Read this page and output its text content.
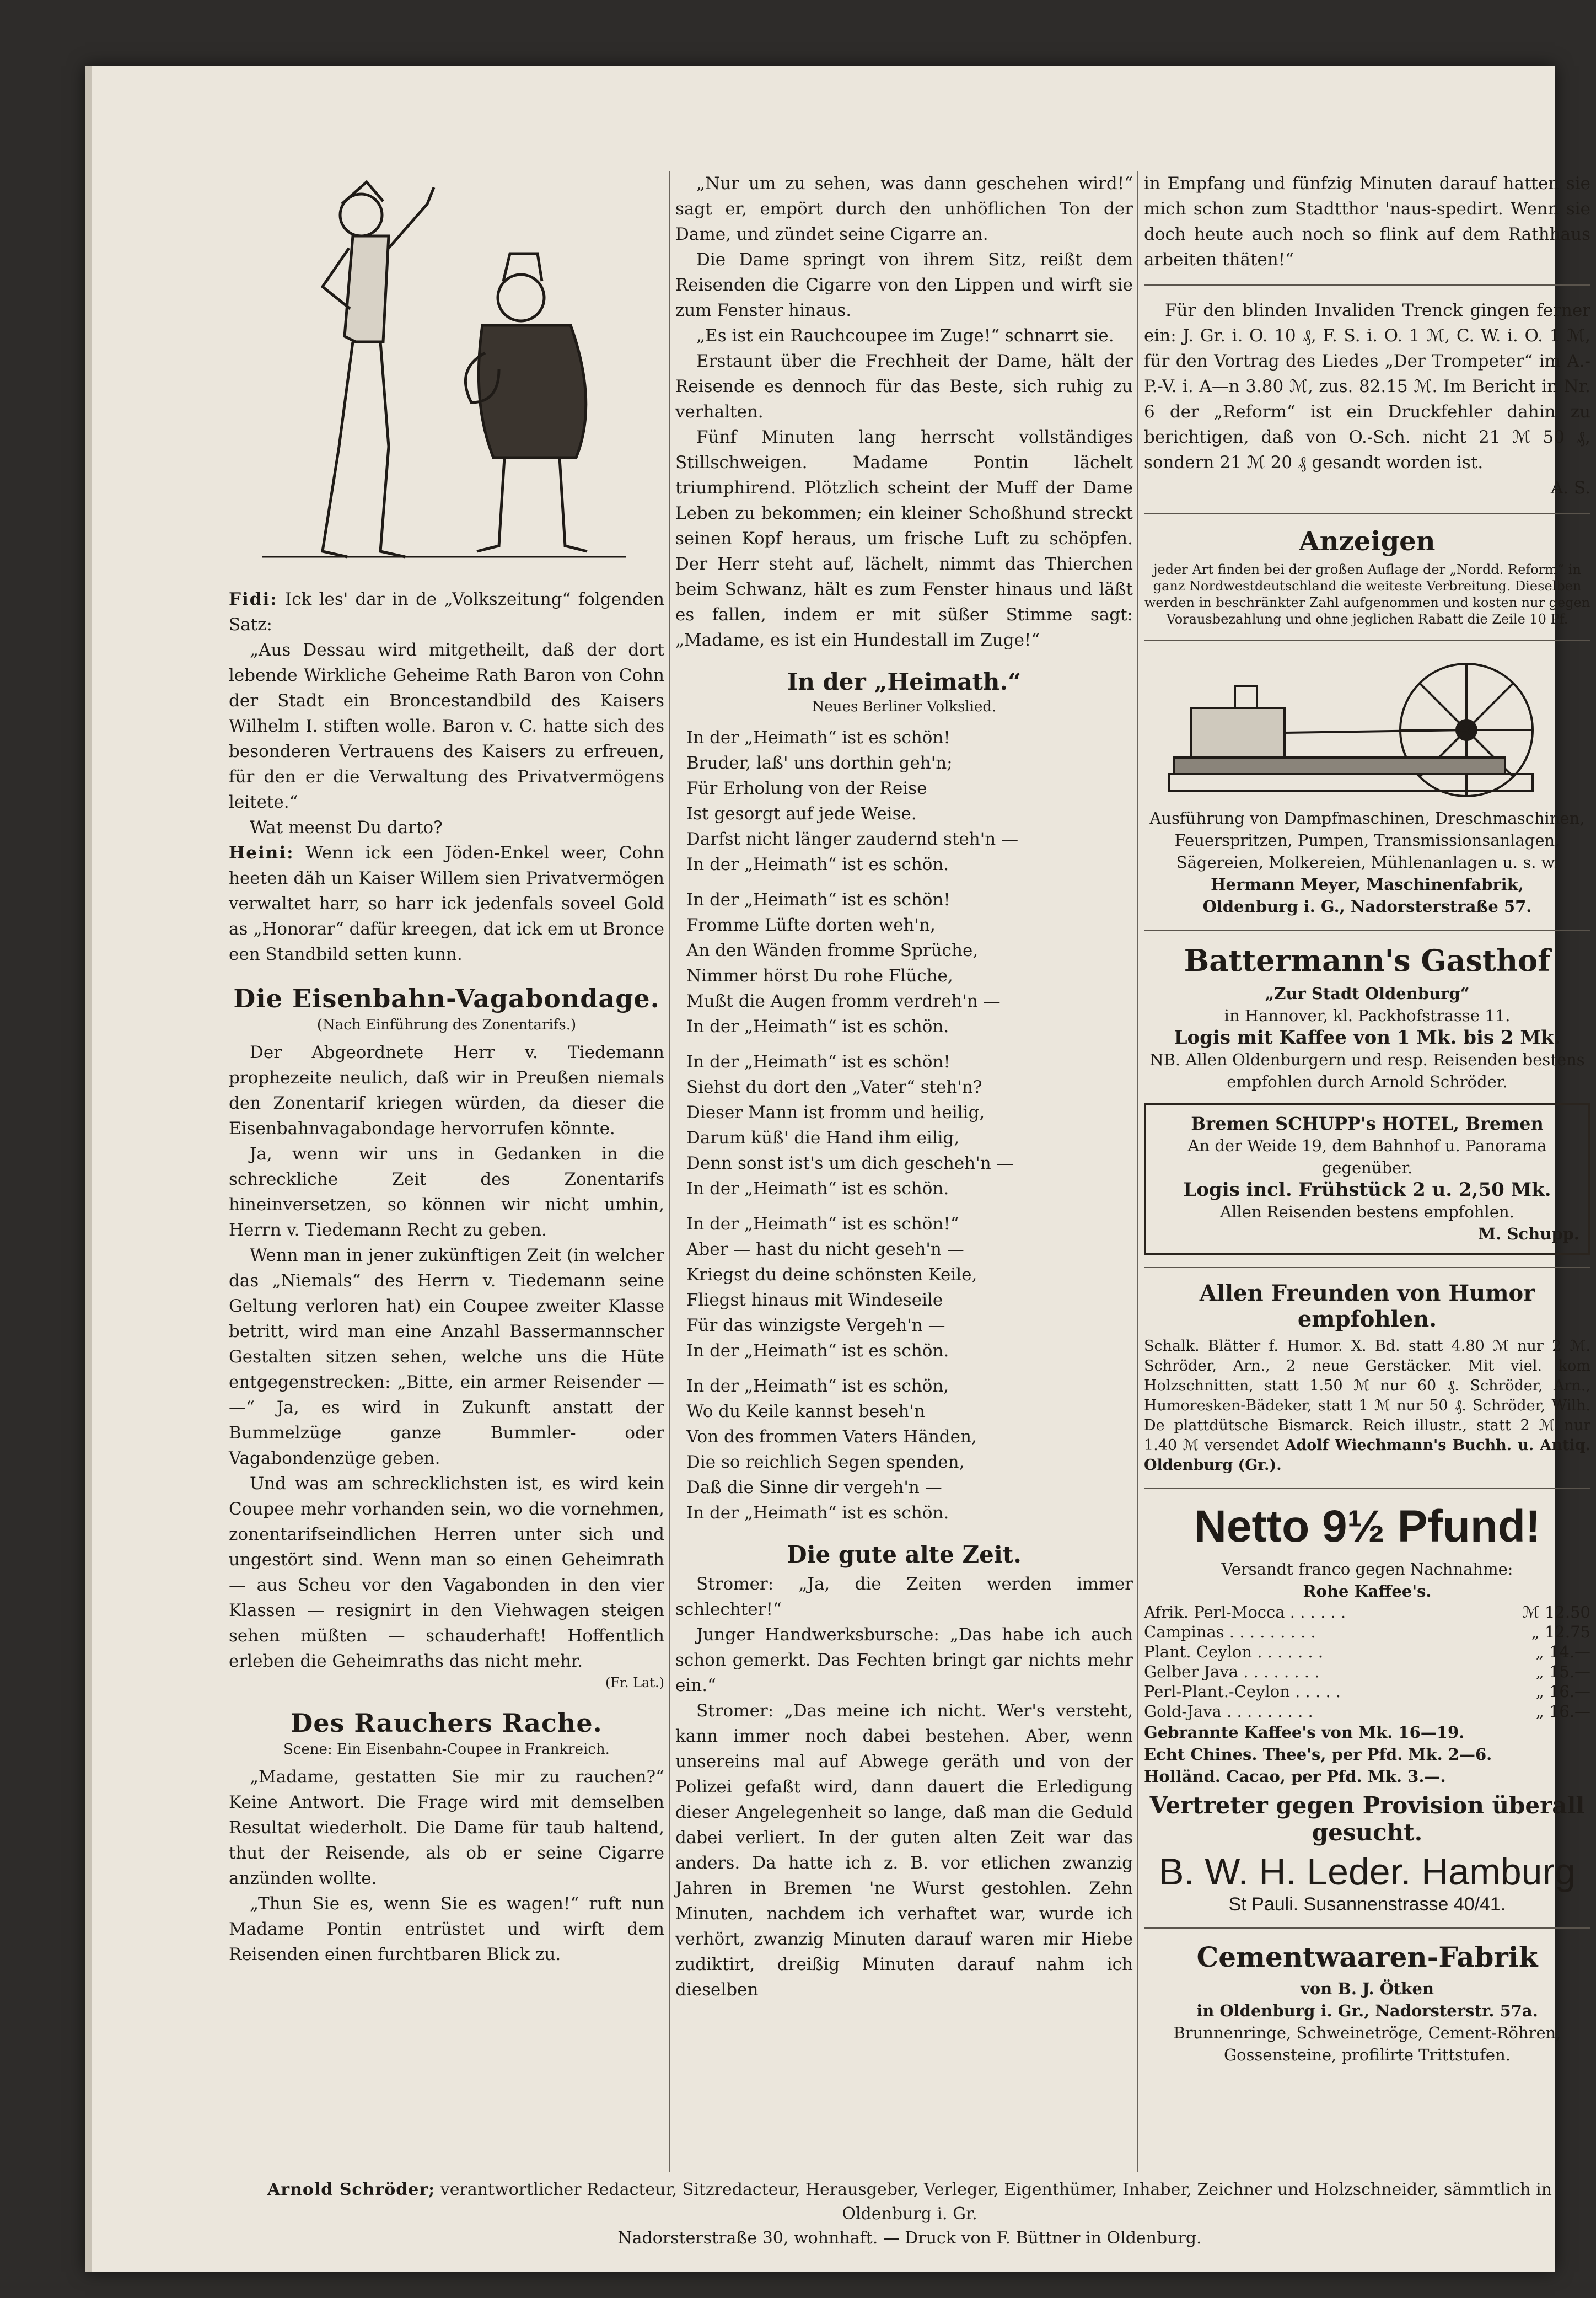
Fidi: Ick les' dar in de „Volkszeitung“ folgenden Satz:

„Aus Dessau wird mitgetheilt, daß der dort lebende Wirkliche Geheime Rath Baron von Cohn der Stadt ein Broncestandbild des Kaisers Wilhelm I. stiften wolle. Baron v. C. hatte sich des besonderen Vertrauens des Kaisers zu erfreuen, für den er die Verwaltung des Privatvermögens leitete.“

Wat meenst Du darto?

Heini: Wenn ick een Jöden-Enkel weer, Cohn heeten däh un Kaiser Willem sien Privatvermögen verwaltet harr, so harr ick jedenfals soveel Gold as „Honorar“ dafür kreegen, dat ick em ut Bronce een Standbild setten kunn.

Die Eisenbahn-Vagabondage.
(Nach Einführung des Zonentarifs.)

Der Abgeordnete Herr v. Tiedemann prophezeite neulich, daß wir in Preußen niemals den Zonentarif kriegen würden, da dieser die Eisenbahnvagabondage hervorrufen könnte.

Ja, wenn wir uns in Gedanken in die schreckliche Zeit des Zonentarifs hineinversetzen, so können wir nicht umhin, Herrn v. Tiedemann Recht zu geben.

Wenn man in jener zukünftigen Zeit (in welcher das „Niemals“ des Herrn v. Tiedemann seine Geltung verloren hat) ein Coupee zweiter Klasse betritt, wird man eine Anzahl Bassermannscher Gestalten sitzen sehen, welche uns die Hüte entgegenstrecken: „Bitte, ein armer Reisender — —“ Ja, es wird in Zukunft anstatt der Bummelzüge ganze Bummler- oder Vagabondenzüge geben.

Und was am schrecklichsten ist, es wird kein Coupee mehr vorhanden sein, wo die vornehmen, zonentarifseindlichen Herren unter sich und ungestört sind. Wenn man so einen Geheimrath — aus Scheu vor den Vagabonden in den vier Klassen — resignirt in den Viehwagen steigen sehen müßten — schauderhaft! Hoffentlich erleben die Geheimraths das nicht mehr.

(Fr. Lat.)

Des Rauchers Rache.
Scene: Ein Eisenbahn-Coupee in Frankreich.

„Madame, gestatten Sie mir zu rauchen?“ Keine Antwort. Die Frage wird mit demselben Resultat wiederholt. Die Dame für taub haltend, thut der Reisende, als ob er seine Cigarre anzünden wollte.

„Thun Sie es, wenn Sie es wagen!“ ruft nun Madame Pontin entrüstet und wirft dem Reisenden einen furchtbaren Blick zu.

„Nur um zu sehen, was dann geschehen wird!“ sagt er, empört durch den unhöflichen Ton der Dame, und zündet seine Cigarre an.

Die Dame springt von ihrem Sitz, reißt dem Reisenden die Cigarre von den Lippen und wirft sie zum Fenster hinaus.

„Es ist ein Rauchcoupee im Zuge!“ schnarrt sie.

Erstaunt über die Frechheit der Dame, hält der Reisende es dennoch für das Beste, sich ruhig zu verhalten.

Fünf Minuten lang herrscht vollständiges Stillschweigen. Madame Pontin lächelt triumphirend. Plötzlich scheint der Muff der Dame Leben zu bekommen; ein kleiner Schoßhund streckt seinen Kopf heraus, um frische Luft zu schöpfen. Der Herr steht auf, lächelt, nimmt das Thierchen beim Schwanz, hält es zum Fenster hinaus und läßt es fallen, indem er mit süßer Stimme sagt: „Madame, es ist ein Hundestall im Zuge!“

In der „Heimath.“
Neues Berliner Volkslied.
In der „Heimath“ ist es schön!
Bruder, laß' uns dorthin geh'n;
Für Erholung von der Reise
Ist gesorgt auf jede Weise.
Darfst nicht länger zaudernd steh'n —
In der „Heimath“ ist es schön.
In der „Heimath“ ist es schön!
Fromme Lüfte dorten weh'n,
An den Wänden fromme Sprüche,
Nimmer hörst Du rohe Flüche,
Mußt die Augen fromm verdreh'n —
In der „Heimath“ ist es schön.
In der „Heimath“ ist es schön!
Siehst du dort den „Vater“ steh'n?
Dieser Mann ist fromm und heilig,
Darum küß' die Hand ihm eilig,
Denn sonst ist's um dich gescheh'n —
In der „Heimath“ ist es schön.
In der „Heimath“ ist es schön!“
Aber — hast du nicht geseh'n —
Kriegst du deine schönsten Keile,
Fliegst hinaus mit Windeseile
Für das winzigste Vergeh'n —
In der „Heimath“ ist es schön.
In der „Heimath“ ist es schön,
Wo du Keile kannst beseh'n
Von des frommen Vaters Händen,
Die so reichlich Segen spenden,
Daß die Sinne dir vergeh'n —
In der „Heimath“ ist es schön.
Die gute alte Zeit.

Stromer: „Ja, die Zeiten werden immer schlechter!“

Junger Handwerksbursche: „Das habe ich auch schon gemerkt. Das Fechten bringt gar nichts mehr ein.“

Stromer: „Das meine ich nicht. Wer's versteht, kann immer noch dabei bestehen. Aber, wenn unsereins mal auf Abwege geräth und von der Polizei gefaßt wird, dann dauert die Erledigung dieser Angelegenheit so lange, daß man die Geduld dabei verliert. In der guten alten Zeit war das anders. Da hatte ich z. B. vor etlichen zwanzig Jahren in Bremen 'ne Wurst gestohlen. Zehn Minuten, nachdem ich verhaftet war, wurde ich verhört, zwanzig Minuten darauf waren mir Hiebe zudiktirt, dreißig Minuten darauf nahm ich dieselben

in Empfang und fünfzig Minuten darauf hatten sie mich schon zum Stadtthor 'naus-spedirt. Wenn sie doch heute auch noch so flink auf dem Rathhaus arbeiten thäten!“

Für den blinden Invaliden Trenck gingen ferner ein: J. Gr. i. O. 10 ₰, F. S. i. O. 1 ℳ, C. W. i. O. 1 ℳ, für den Vortrag des Liedes „Der Trompeter“ im A.-P.-V. i. A—n 3.80 ℳ, zus. 82.15 ℳ. Im Bericht in Nr. 6 der „Reform“ ist ein Druckfehler dahin zu berichtigen, daß von O.-Sch. nicht 21 ℳ 50 ₰, sondern 21 ℳ 20 ₰ gesandt worden ist.

A. S.

Anzeigen
jeder Art finden bei der großen Auflage der „Nordd. Reform“ in ganz Nordwestdeutschland die weiteste Verbreitung. Dieselben werden in beschränkter Zahl aufgenommen und kosten nur gegen Vorausbezahlung und ohne jeglichen Rabatt die Zeile 10 Pf.
Ausführung von Dampfmaschinen, Dreschmaschinen, Feuerspritzen, Pumpen, Transmissionsanlagen, Sägereien, Molkereien, Mühlenanlagen u. s. w.
Hermann Meyer, Maschinenfabrik,
Oldenburg i. G., Nadorsterstraße 57.
Battermann's Gasthof
„Zur Stadt Oldenburg“
in Hannover, kl. Packhofstrasse 11.
Logis mit Kaffee von 1 Mk. bis 2 Mk.
NB. Allen Oldenburgern und resp. Reisenden bestens empfohlen durch Arnold Schröder.
Bremen SCHUPP's HOTEL, Bremen
An der Weide 19, dem Bahnhof u. Panorama gegenüber.
Logis incl. Frühstück 2 u. 2,50 Mk.
Allen Reisenden bestens empfohlen.
M. Schupp.
Allen Freunden von Humor empfohlen.

Schalk. Blätter f. Humor. X. Bd. statt 4.80 ℳ nur 2 ℳ. Schröder, Arn., 2 neue Gerstäcker. Mit viel. kom Holzschnitten, statt 1.50 ℳ nur 60 ₰. Schröder, Arn., Humoresken-Bädeker, statt 1 ℳ nur 50 ₰. Schröder, Wilh. De plattdütsche Bismarck. Reich illustr., statt 2 ℳ nur 1.40 ℳ versendet Adolf Wiechmann's Buchh. u. Antiq. Oldenburg (Gr.).

Netto 9½ Pfund!
Versandt franco gegen Nachnahme:
Rohe Kaffee's.
Afrik. Perl-Mocca . . . . . .	ℳ 12.50
Campinas . . . . . . . . .	„ 12.75
Plant. Ceylon . . . . . . .	„ 14.—
Gelber Java . . . . . . . .	„ 15.—
Perl-Plant.-Ceylon . . . . .	„ 16.—
Gold-Java . . . . . . . . .	„ 16.—
Gebrannte Kaffee's von Mk. 16—19.
Echt Chines. Thee's, per Pfd. Mk. 2—6.
Holländ. Cacao, per Pfd. Mk. 3.—.
Vertreter gegen Provision überall gesucht.
B. W. H. Leder. Hamburg
St Pauli. Susannenstrasse 40/41.
Cementwaaren-Fabrik
von B. J. Ötken
in Oldenburg i. Gr., Nadorsterstr. 57a.
Brunnenringe, Schweinetröge, Cement-Röhren, Gossensteine, profilirte Trittstufen.
Arnold Schröder; verantwortlicher Redacteur, Sitzredacteur, Herausgeber, Verleger, Eigenthümer, Inhaber, Zeichner und Holzschneider, sämmtlich in Oldenburg i. Gr.
Nadorsterstraße 30, wohnhaft. — Druck von F. Büttner in Oldenburg.
